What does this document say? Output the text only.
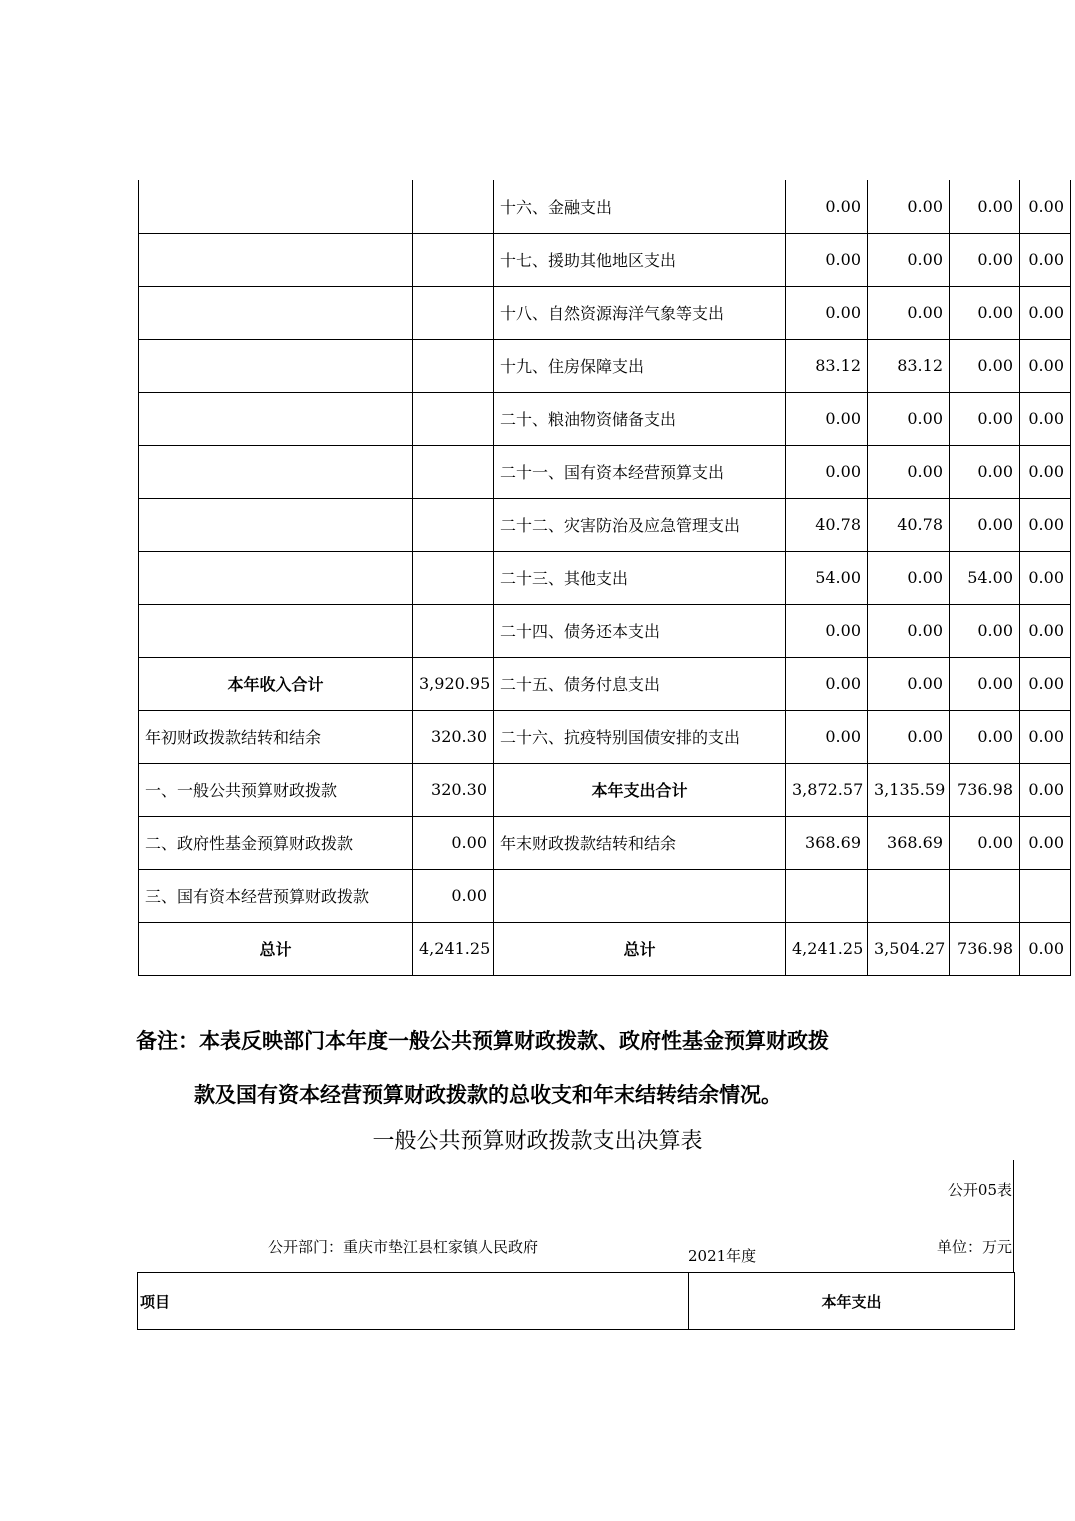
		十六、金融支出	0.00	0.00	0.00	0.00
		十七、援助其他地区支出	0.00	0.00	0.00	0.00
		十八、自然资源海洋气象等支出	0.00	0.00	0.00	0.00
		十九、住房保障支出	83.12	83.12	0.00	0.00
		二十、粮油物资储备支出	0.00	0.00	0.00	0.00
		二十一、国有资本经营预算支出	0.00	0.00	0.00	0.00
		二十二、灾害防治及应急管理支出	40.78	40.78	0.00	0.00
		二十三、其他支出	54.00	0.00	54.00	0.00
		二十四、债务还本支出	0.00	0.00	0.00	0.00
本年收入合计	3,920.95	二十五、债务付息支出	0.00	0.00	0.00	0.00
年初财政拨款结转和结余	320.30	二十六、抗疫特别国债安排的支出	0.00	0.00	0.00	0.00
一、一般公共预算财政拨款	320.30	本年支出合计	3,872.57	3,135.59	736.98	0.00
二、政府性基金预算财政拨款	0.00	年末财政拨款结转和结余	368.69	368.69	0.00	0.00
三、国有资本经营预算财政拨款	0.00					
总计	4,241.25	总计	4,241.25	3,504.27	736.98	0.00
备注：本表反映部门本年度一般公共预算财政拨款、政府性基金预算财政拨
款及国有资本经营预算财政拨款的总收支和年末结转结余情况。
一般公共预算财政拨款支出决算表
公开05表
公开部门：重庆市垫江县杠家镇人民政府	2021年度	单位：万元
项目	本年支出
